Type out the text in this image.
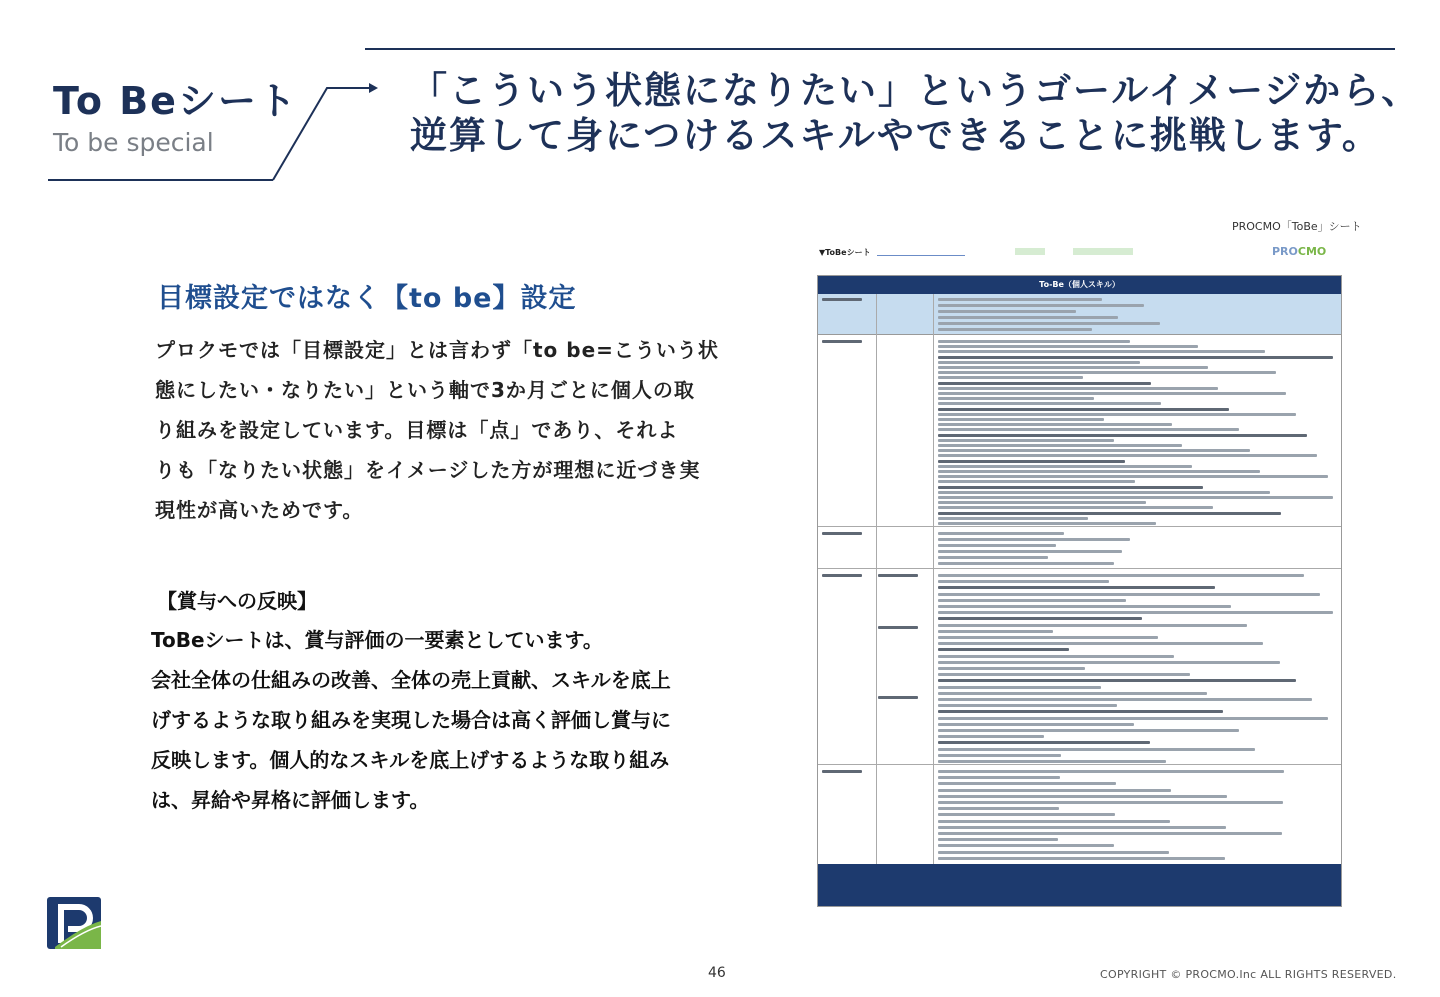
To Beシート
To be special
「こういう状態になりたい」というゴールイメージから、
逆算して身につけるスキルやできることに挑戦します。
目標設定ではなく【to be】設定
プロクモでは「目標設定」とは言わず「to be=こういう状
態にしたい・なりたい」という軸で3か月ごとに個人の取
り組みを設定しています。目標は「点」であり、それよ
りも「なりたい状態」をイメージした方が理想に近づき実
現性が高いためです。
【賞与への反映】
ToBeシートは、賞与評価の一要素としています。
会社全体の仕組みの改善、全体の売上貢献、スキルを底上
げするような取り組みを実現した場合は高く評価し賞与に
反映します。個人的なスキルを底上げするような取り組み
は、昇給や昇格に評価します。
PROCMO「ToBe」シート
▼ToBeシート	PROCMO
To-Be（個人スキル）
46	COPYRIGHT © PROCMO.Inc ALL RIGHTS RESERVED.
